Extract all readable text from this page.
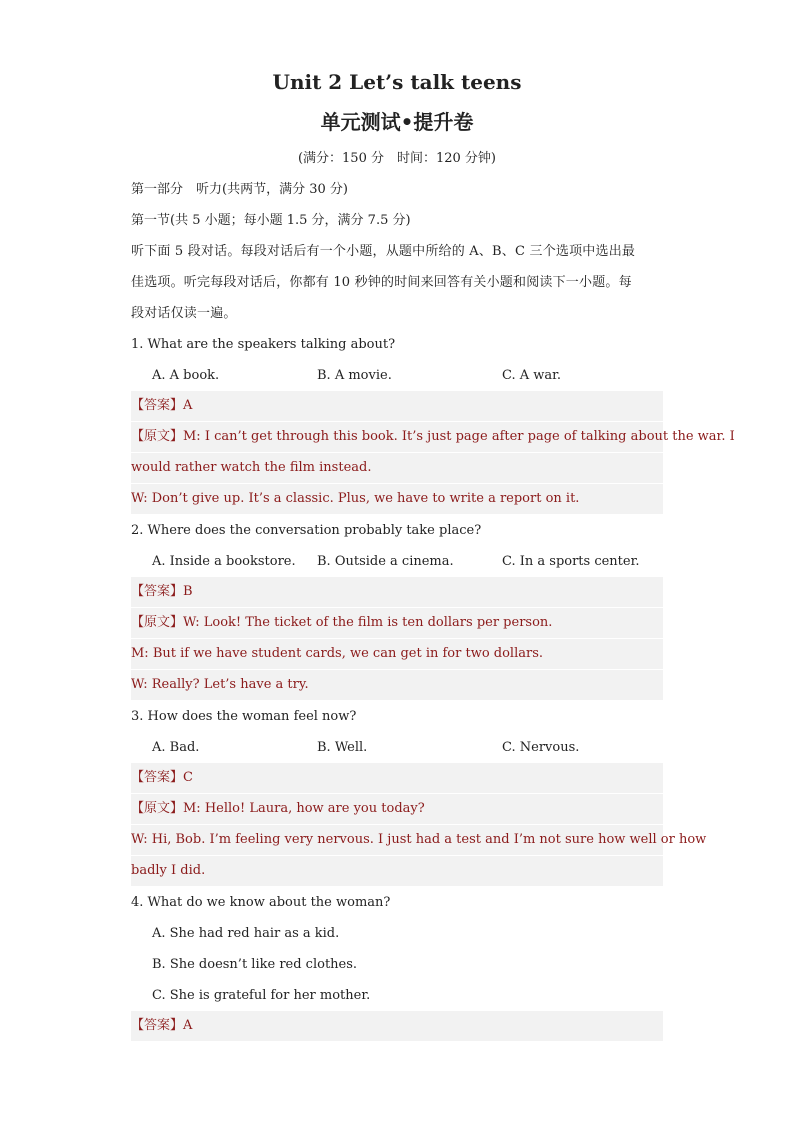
Unit 2 Let’s talk teens
单元测试•提升卷
(满分：150 分　时间：120 分钟)
第一部分　听力(共两节，满分 30 分)
第一节(共 5 小题；每小题 1.5 分，满分 7.5 分)
听下面 5 段对话。每段对话后有一个小题，从题中所给的 A、B、C 三个选项中选出最
佳选项。听完每段对话后，你都有 10 秒钟的时间来回答有关小题和阅读下一小题。每
段对话仅读一遍。
1. What are the speakers talking about?
A. A book.	B. A movie.	C. A war.
【答案】A
【原文】M: I can’t get through this book. It’s just page after page of talking about the war. I
would rather watch the film instead.
W: Don’t give up. It’s a classic. Plus, we have to write a report on it.
2. Where does the conversation probably take place?
A. Inside a bookstore. B. Outside a cinema.	C. In a sports center.
【答案】B
【原文】W: Look! The ticket of the film is ten dollars per person.
M: But if we have student cards, we can get in for two dollars.
W: Really? Let’s have a try.
3. How does the woman feel now?
A. Bad.	B. Well.	C. Nervous.
【答案】C
【原文】M: Hello! Laura, how are you today?
W: Hi, Bob. I’m feeling very nervous. I just had a test and I’m not sure how well or how
badly I did.
4. What do we know about the woman?
A. She had red hair as a kid.
B. She doesn’t like red clothes.
C. She is grateful for her mother.
【答案】A
